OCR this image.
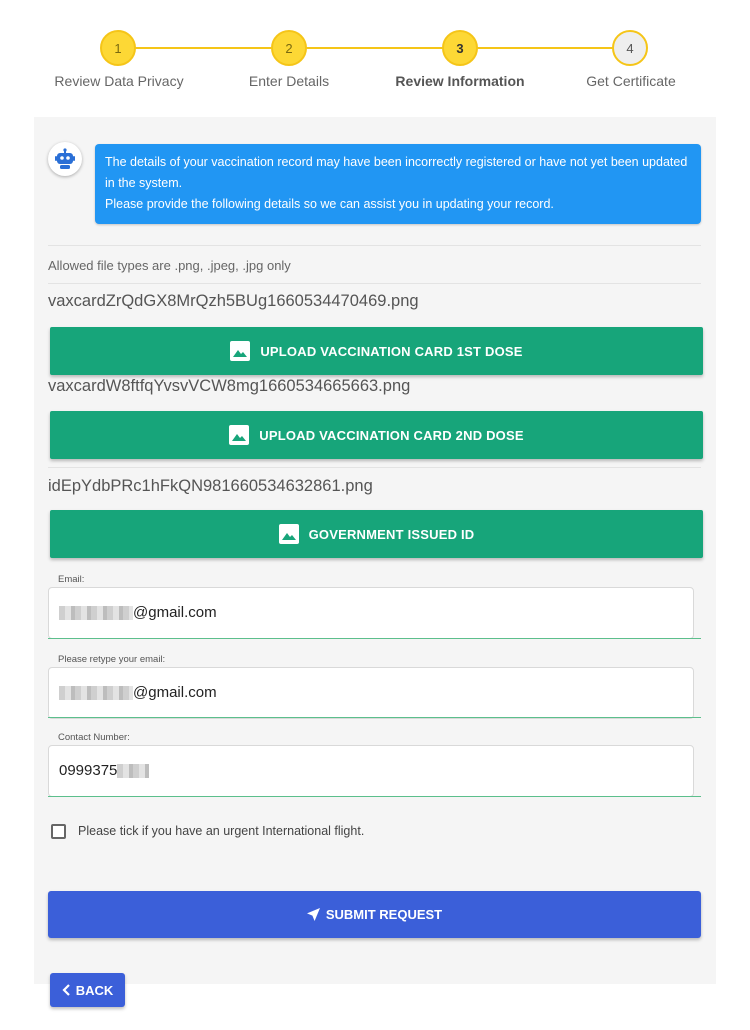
1	2	3	4
Review Data Privacy	Enter Details	Review Information	Get Certificate

The details of your vaccination record may have been incorrectly registered or have not yet been updated in the system.

Please provide the following details so we can assist you in updating your record.

Allowed file types are .png, .jpeg, .jpg only
vaxcardZrQdGX8MrQzh5BUg1660534470469.png
UPLOAD VACCINATION CARD 1ST DOSE
vaxcardW8ftfqYvsvVCW8mg1660534665663.png
UPLOAD VACCINATION CARD 2ND DOSE
idEpYdbPRc1hFkQN981660534632861.png
GOVERNMENT ISSUED ID
Email:
@gmail.com
Please retype your email:
@gmail.com
Contact Number:
0999375
Please tick if you have an urgent International flight.
SUBMIT REQUEST
BACK
